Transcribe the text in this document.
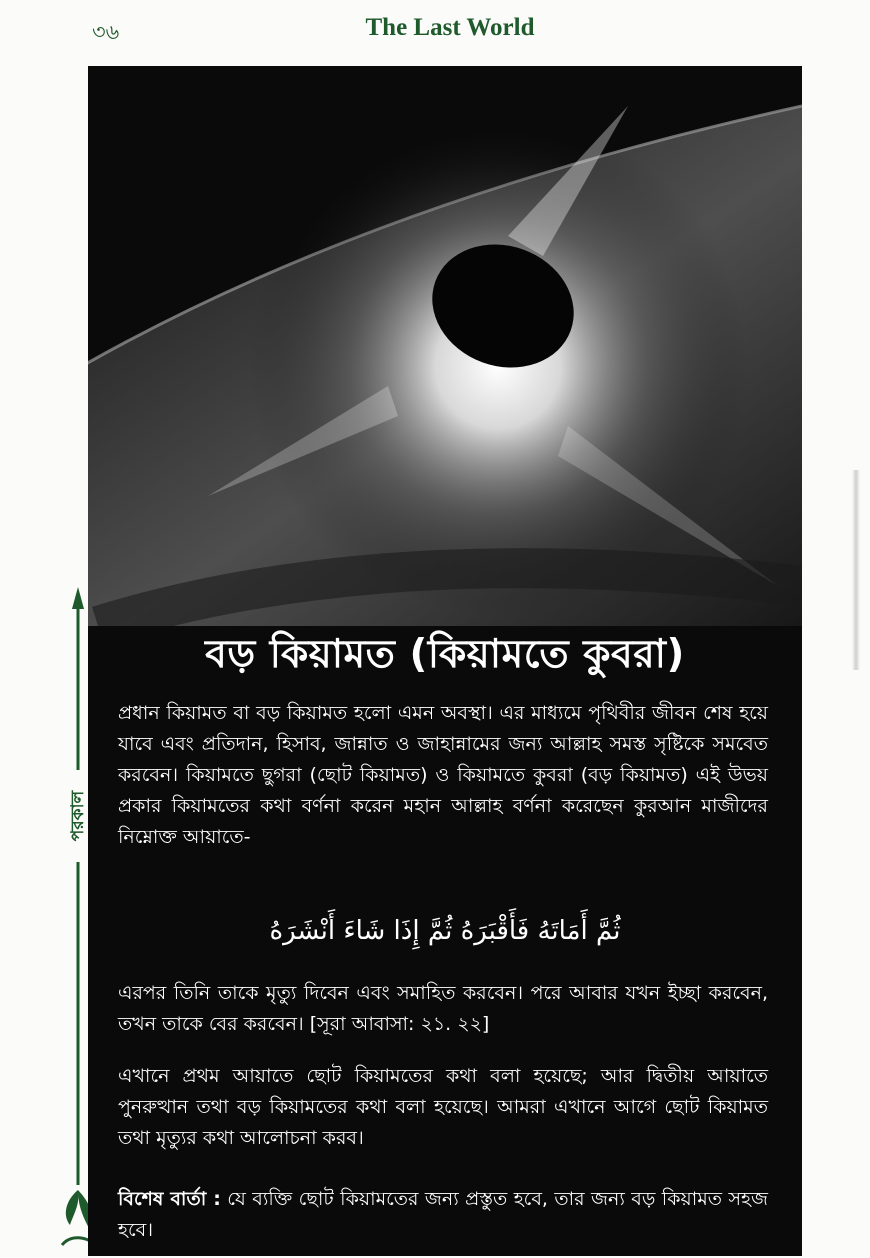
৩৬	The Last World
পরকাল
বড় কিয়ামত (কিয়ামতে কুবরা)

প্রধান কিয়ামত বা বড় কিয়ামত হলো এমন অবস্থা। এর মাধ্যমে পৃথিবীর জীবন শেষ হয়ে যাবে এবং প্রতিদান, হিসাব, জান্নাত ও জাহান্নামের জন্য আল্লাহ সমস্ত সৃষ্টিকে সমবেত করবেন। কিয়ামতে ছুগরা (ছোট কিয়ামত) ও কিয়ামতে কুবরা (বড় কিয়ামত) এই উভয় প্রকার কিয়ামতের কথা বর্ণনা করেন মহান আল্লাহ বর্ণনা করেছেন কুরআন মাজীদের নিম্নোক্ত আয়াতে-

ثُمَّ أَمَاتَهُ فَأَقْبَرَهُ ثُمَّ إِذَا شَاءَ أَنْشَرَهُ

এরপর তিনি তাকে মৃত্যু দিবেন এবং সমাহিত করবেন। পরে আবার যখন ইচ্ছা করবেন, তখন তাকে বের করবেন। [সূরা আবাসা: ২১. ২২]

এখানে প্রথম আয়াতে ছোট কিয়ামতের কথা বলা হয়েছে; আর দ্বিতীয় আয়াতে পুনরুত্থান তথা বড় কিয়ামতের কথা বলা হয়েছে। আমরা এখানে আগে ছোট কিয়ামত তথা মৃত্যুর কথা আলোচনা করব।

বিশেষ বার্তা : যে ব্যক্তি ছোট কিয়ামতের জন্য প্রস্তুত হবে, তার জন্য বড় কিয়ামত সহজ হবে।
